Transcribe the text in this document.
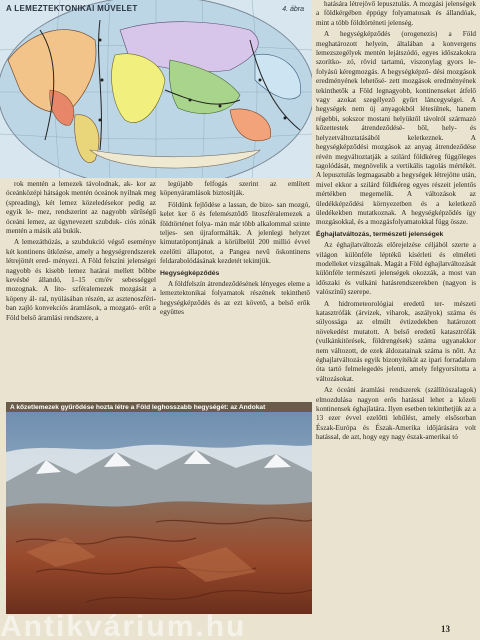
A LEMEZTEKTONIKAI MŰVELET	4. ábra

rok mentén a lemezek távolodnak, ak- kor az óceánközépi hátságok mentén óceánok nyílnak meg (spreading), két lemez közeledésekor pedig az egyik le- mez, rendszerint az nagyobb sűrűségű óceáni lemez, az úgynevezett szubduk- ciós zónák mentén a másik alá bukik.

A lemezáthúzás, a szubdukció végső eseménye két kontinens ütközése, amely a hegységrendszerek létrejöttét ered- ményezi. A Föld felszíni jelenségei nagyobb és kisebb lemez határai mellett bőbbe kevésbé állandó, 1–15 cm/év sebességgel mozognak. A lito- szféralemezek mozgását a köpeny ál- ral, nyúlásában részén, az asztenoszféri- ban zajló konvekciós áramlások, a mozgató- erőt a Föld belső áramlási rendszere, a

legújabb felfogás szerint az említett köpenyáramlások biztosítják.

Földünk fejlődése a lassan, de bizo- san mozgó, kelet ker ő és felemésztődő litoszféralemezek a földtörténet folya- mán már több alkalommal szinte teljes- sen újraformálták. A jelenlegi helyzet kimutatópontjának a körülbelül 200 millió évvel ezelőtti állapotot, a Pangea nevű őskontinens feldarabolódásának kezdetét tekintjük.

Hegységképződés

A földfelszín átrendeződésének lényeges eleme a lemeztektonikai folyamatok részének tekinthető hegységképződés és az ezt követő, a belső erők együttes

hatására létrejövő lepusztulás. A mozgási jelenségek a földkérgében éppúgy folyamatosak és állandóak, mint a több földtörténeti jelenség.

A hegységképződés (orogenezis) a Föld meghatározott helyein, általában a konvergens lemezszegélyek mentén lejátszódó, egyes időszakokra szorítko- zó, rövid tartamú, viszonylag gyors le- folyású kéregmozgás. A hegységképző- dési mozgások eredményének lehetősé- zett mozgások eredményének tekinthetők a Föld legnagyobb, kontinenseket átfelő vagy azokat szegélyező gyűrt láncegységei. A hegységek nem új anyagokból létesülnek, hanem régebbi, sokszor mostani helyüktől távolról származó kőzettestek átrendeződésé- ből, hely- és helyzetváltoztatásából keletkeznek. A hegységképződési mozgások az anyag átrendeződése révén megváltoztatják a szilárd földkéreg függőleges tagolódását, megnövelik a vertikális tagolás mértékét. A lepusztulás legmagasabb a hegységek létrejötte után, mivel ekkor a szilárd földkéreg egyes részeit jelentős mértékben megemelik. A változások az üledékképződési környezetben és a keletkező üledékekben mutatkoznak. A hegységképződés így mozgásokkal, és a mozgásfolyamatokkal függ össze.

Éghajlatváltozás, természeti jelenségek

Az éghajlatváltozás előrejelzése céljából szerte a világon különféle léptékű kísérleti és elméleti modelleket vizsgálnak. Magát a Föld éghajlatváltozását különféle természeti jelenségek okozzák, a most van időszaki és vulkáni hatásrendszerekben (nagyon is valószínű) szerepe.

A hidrometeorológiai eredetű ter- mészeti katasztrófák (árvizek, viharok, aszályok) száma és súlyossága az elmúlt évtizedekben határozott növekedést mutatott. A belső eredetű katasztrófák (vulkánkitörések, földrengések) száma ugyanakkor nem változott, de ezek áldozatainak száma is nőtt. Az éghajlatváltozás egyik bizonyítékát az ipari forradalom óta tartó felmelegedés jelenti, amely felgyorsította a változásokat.

Az óceáni áramlási rendszerek (szállítószalagok) elmozdulása nagyon erős hatással lehet a közeli kontinensek éghajlatára. Ilyen esetben tekinthetjük az a 13 ezer évvel ezelőtti lehűlést, amely elsősorban Észak-Európa és Észak-Amerika időjárására volt hatással, de azt, hogy egy nagy észak-amerikai tó

A kőzetlemezek gyűrődése hozta létre a Föld leghosszabb hegységét: az Andokat
13
Antikvárium.hu
